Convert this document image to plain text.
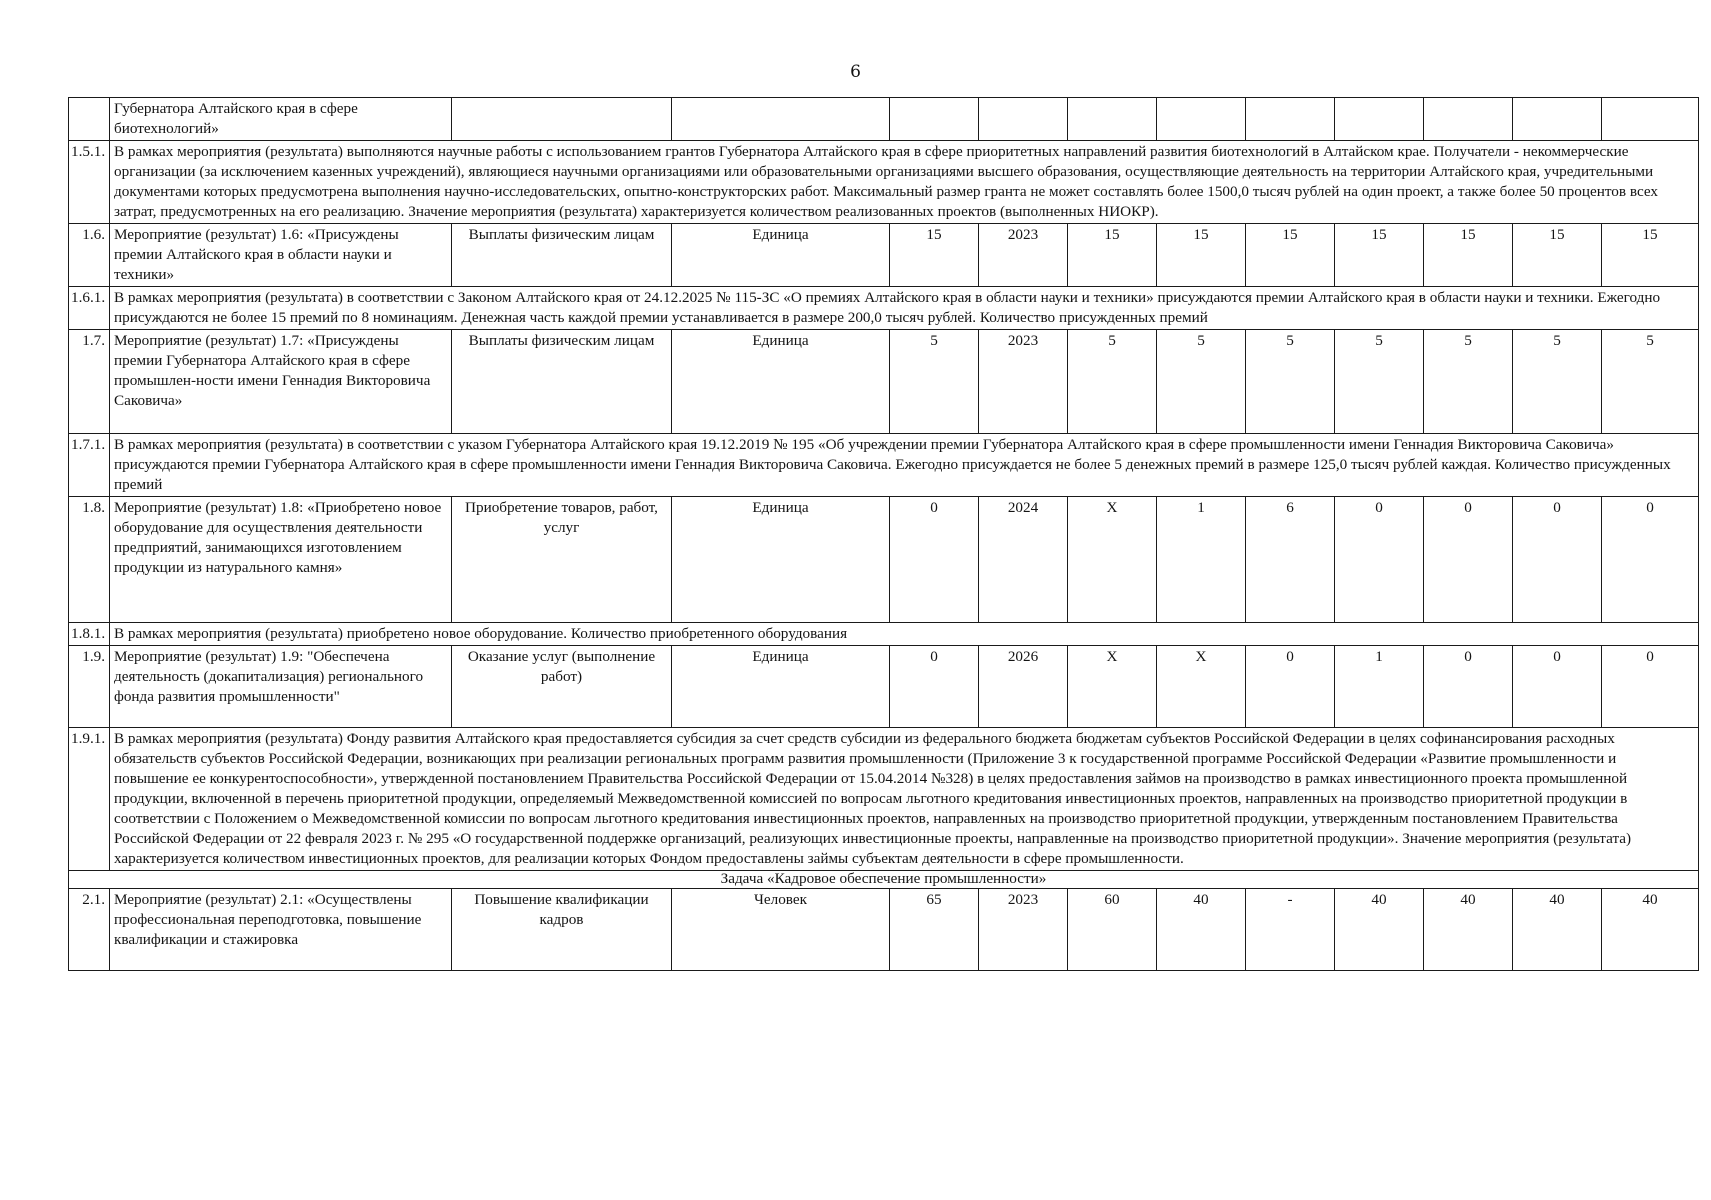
6
	Губернатора Алтайского края в сфере биотехнологий»											
1.5.1.	В рамках мероприятия (результата) выполняются научные работы с использованием грантов Губернатора Алтайского края в сфере приоритетных направлений развития биотехнологий в Алтайском крае. Получатели - некоммерческие организации (за исключением казенных учреждений), являющиеся научными организациями или образовательными организациями высшего образования, осуществляющие деятельность на территории Алтайского края, учредительными документами которых предусмотрена выполнения научно-исследовательских, опытно-конструкторских работ. Максимальный размер гранта не может составлять более 1500,0 тысяч рублей на один проект, а также более 50 процентов всех затрат, предусмотренных на его реализацию. Значение мероприятия (результата) характеризуется количеством реализованных проектов (выполненных НИОКР).											
1.6.	Мероприятие (результат) 1.6: «Присуждены премии Алтайского края в области науки и техники»	Выплаты физическим лицам	Единица	15	2023	15	15	15	15	15	15	15
1.6.1.	В рамках мероприятия (результата) в соответствии с Законом Алтайского края от 24.12.2025 № 115-ЗС «О премиях Алтайского края в области науки и техники» присуждаются премии Алтайского края в области науки и техники. Ежегодно присуждаются не более 15 премий по 8 номинациям. Денежная часть каждой премии устанавливается в размере 200,0 тысяч рублей. Количество присужденных премий											
1.7.	Мероприятие (результат) 1.7: «Присуждены премии Губернатора Алтайского края в сфере промышлен-ности имени Геннадия Викторовича Саковича»	Выплаты физическим лицам	Единица	5	2023	5	5	5	5	5	5	5
1.7.1.	В рамках мероприятия (результата) в соответствии с указом Губернатора Алтайского края 19.12.2019 № 195 «Об учреждении премии Губернатора Алтайского края в сфере промышленности имени Геннадия Викторовича Саковича» присуждаются премии Губернатора Алтайского края в сфере промышленности имени Геннадия Викторовича Саковича. Ежегодно присуждается не более 5 денежных премий в размере 125,0 тысяч рублей каждая. Количество присужденных премий											
1.8.	Мероприятие (результат) 1.8: «Приобретено новое оборудование для осуществления деятельности предприятий, занимающихся изготовлением продукции из натурального камня»	Приобретение товаров, работ, услуг	Единица	0	2024	X	1	6	0	0	0	0
1.8.1.	В рамках мероприятия (результата) приобретено новое оборудование. Количество приобретенного оборудования											
1.9.	Мероприятие (результат) 1.9: "Обеспечена деятельность (докапитализация) регионального фонда развития промышленности"	Оказание услуг (выполнение работ)	Единица	0	2026	X	X	0	1	0	0	0
1.9.1.	В рамках мероприятия (результата) Фонду развития Алтайского края предоставляется субсидия за счет средств субсидии из федерального бюджета бюджетам субъектов Российской Федерации в целях софинансирования расходных обязательств субъектов Российской Федерации, возникающих при реализации региональных программ развития промышленности (Приложение 3 к государственной программе Российской Федерации «Развитие промышленности и повышение ее конкурентоспособности», утвержденной постановлением Правительства Российской Федерации от 15.04.2014 №328) в целях предоставления займов на производство в рамках инвестиционного проекта промышленной продукции, включенной в перечень приоритетной продукции, определяемый Межведомственной комиссией по вопросам льготного кредитования инвестиционных проектов, направленных на производство приоритетной продукции в соответствии с Положением о Межведомственной комиссии по вопросам льготного кредитования инвестиционных проектов, направленных на производство приоритетной продукции, утвержденным постановлением Правительства Российской Федерации от 22 февраля 2023 г. № 295 «О государственной поддержке организаций, реализующих инвестиционные проекты, направленные на производство приоритетной продукции». Значение мероприятия (результата) характеризуется количеством инвестиционных проектов, для реализации которых Фондом предоставлены займы субъектам деятельности в сфере промышленности.											
Задача «Кадровое обеспечение промышленности»												
2.1.	Мероприятие (результат) 2.1: «Осуществлены профессиональная переподготовка, повышение квалификации и стажировка	Повышение квалификации кадров	Человек	65	2023	60	40	-	40	40	40	40
